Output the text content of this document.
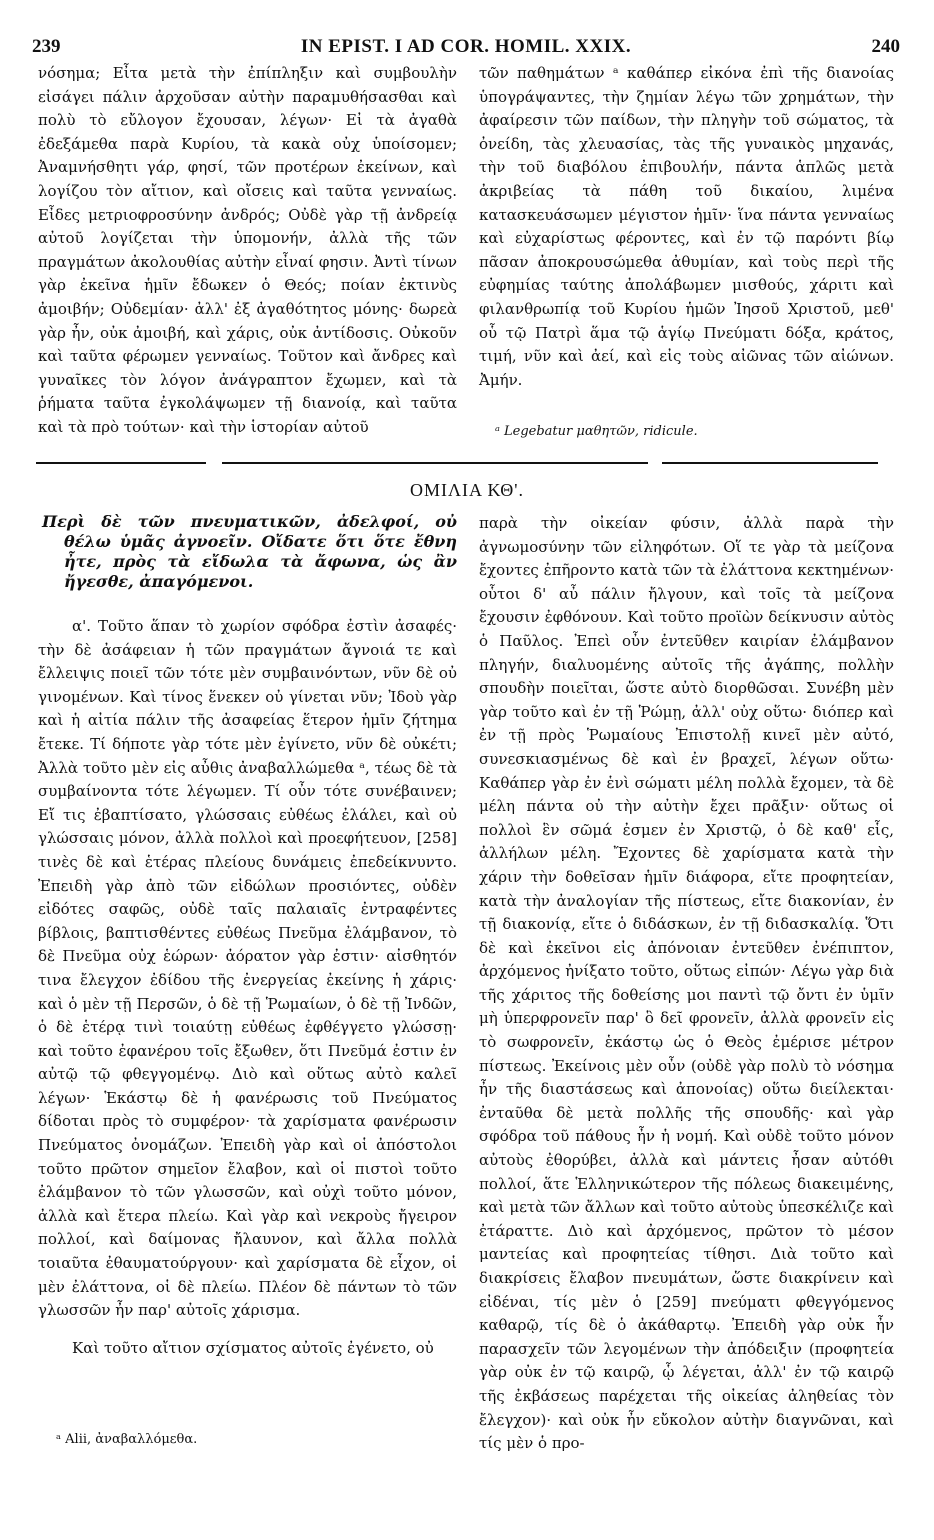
239	IN EPIST. I AD COR. HOMIL. XXIX.	240

νόσημα; Εἶτα μετὰ τὴν ἐπίπληξιν καὶ συμβουλὴν εἰσάγει πάλιν ἀρχοῦσαν αὐτὴν παραμυθήσασθαι καὶ πολὺ τὸ εὔλογον ἔχουσαν, λέγων· Εἰ τὰ ἀγαθὰ ἐδεξάμεθα παρὰ Κυρίου, τὰ κακὰ οὐχ ὑποίσομεν; Ἀναμνήσθητι γάρ, φησί, τῶν προτέρων ἐκείνων, καὶ λογίζου τὸν αἴτιον, καὶ οἴσεις καὶ ταῦτα γενναίως. Εἶδες μετριοφροσύνην ἀνδρός; Οὐδὲ γὰρ τῇ ἀνδρείᾳ αὐτοῦ λογίζεται τὴν ὑπομονήν, ἀλλὰ τῆς τῶν πραγμάτων ἀκολουθίας αὐτὴν εἶναί φησιν. Ἀντὶ τίνων γὰρ ἐκεῖνα ἡμῖν ἔδωκεν ὁ Θεός; ποίαν ἐκτινὺς ἀμοιβήν; Οὐδεμίαν· ἀλλ' ἐξ ἀγαθότητος μόνης· δωρεὰ γὰρ ἦν, οὐκ ἀμοιβή, καὶ χάρις, οὐκ ἀντίδοσις. Οὐκοῦν καὶ ταῦτα φέρωμεν γενναίως. Τοῦτον καὶ ἄνδρες καὶ γυναῖκες τὸν λόγον ἀνάγραπτον ἔχωμεν, καὶ τὰ ῥήματα ταῦτα ἐγκολάψωμεν τῇ διανοίᾳ, καὶ ταῦτα καὶ τὰ πρὸ τούτων· καὶ τὴν ἱστορίαν αὐτοῦ

τῶν παθημάτων ᵃ καθάπερ εἰκόνα ἐπὶ τῆς διανοίας ὑπογράψαντες, τὴν ζημίαν λέγω τῶν χρημάτων, τὴν ἀφαίρεσιν τῶν παίδων, τὴν πληγὴν τοῦ σώματος, τὰ ὀνείδη, τὰς χλευασίας, τὰς τῆς γυναικὸς μηχανάς, τὴν τοῦ διαβόλου ἐπιβουλήν, πάντα ἁπλῶς μετὰ ἀκριβείας τὰ πάθη τοῦ δικαίου, λιμένα κατασκευάσωμεν μέγιστον ἡμῖν· ἵνα πάντα γενναίως καὶ εὐχαρίστως φέροντες, καὶ ἐν τῷ παρόντι βίῳ πᾶσαν ἀποκρουσώμεθα ἀθυμίαν, καὶ τοὺς περὶ τῆς εὐφημίας ταύτης ἀπολάβωμεν μισθούς, χάριτι καὶ φιλανθρωπίᾳ τοῦ Κυρίου ἡμῶν Ἰησοῦ Χριστοῦ, μεθ' οὗ τῷ Πατρὶ ἅμα τῷ ἁγίῳ Πνεύματι δόξα, κράτος, τιμή, νῦν καὶ ἀεί, καὶ εἰς τοὺς αἰῶνας τῶν αἰώνων. Ἀμήν.

ᵃ Legebatur μαθητῶν, ridicule.
ΟΜΙΛΙΑ ΚΘ'.

Περὶ δὲ τῶν πνευματικῶν, ἀδελφοί, οὐ θέλω ὑμᾶς ἀγνοεῖν. Οἴδατε ὅτι ὅτε ἔθνη ἦτε, πρὸς τὰ εἴδωλα τὰ ἄφωνα, ὡς ἂν ἤγεσθε, ἀπαγόμενοι.

α'. Τοῦτο ἅπαν τὸ χωρίον σφόδρα ἐστὶν ἀσαφές· τὴν δὲ ἀσάφειαν ἡ τῶν πραγμάτων ἄγνοιά τε καὶ ἔλλειψις ποιεῖ τῶν τότε μὲν συμβαινόντων, νῦν δὲ οὐ γινομένων. Καὶ τίνος ἕνεκεν οὐ γίνεται νῦν; Ἰδοὺ γὰρ καὶ ἡ αἰτία πάλιν τῆς ἀσαφείας ἕτερον ἡμῖν ζήτημα ἔτεκε. Τί δήποτε γὰρ τότε μὲν ἐγίνετο, νῦν δὲ οὐκέτι; Ἀλλὰ τοῦτο μὲν εἰς αὖθις ἀναβαλλώμεθα ᵃ, τέως δὲ τὰ συμβαίνοντα τότε λέγωμεν. Τί οὖν τότε συνέβαινεν; Εἴ τις ἐβαπτίσατο, γλώσσαις εὐθέως ἐλάλει, καὶ οὐ γλώσσαις μόνον, ἀλλὰ πολλοὶ καὶ προεφήτευον, [258] τινὲς δὲ καὶ ἑτέρας πλείους δυνάμεις ἐπεδείκνυντο. Ἐπειδὴ γὰρ ἀπὸ τῶν εἰδώλων προσιόντες, οὐδὲν εἰδότες σαφῶς, οὐδὲ ταῖς παλαιαῖς ἐντραφέντες βίβλοις, βαπτισθέντες εὐθέως Πνεῦμα ἐλάμβανον, τὸ δὲ Πνεῦμα οὐχ ἑώρων· ἀόρατον γὰρ ἐστιν· αἰσθητόν τινα ἔλεγχον ἐδίδου τῆς ἐνεργείας ἐκείνης ἡ χάρις· καὶ ὁ μὲν τῇ Περσῶν, ὁ δὲ τῇ Ῥωμαίων, ὁ δὲ τῇ Ἰνδῶν, ὁ δὲ ἑτέρᾳ τινὶ τοιαύτῃ εὐθέως ἐφθέγγετο γλώσσῃ· καὶ τοῦτο ἐφανέρου τοῖς ἔξωθεν, ὅτι Πνεῦμά ἐστιν ἐν αὐτῷ τῷ φθεγγομένῳ. Διὸ καὶ οὕτως αὐτὸ καλεῖ λέγων· Ἑκάστῳ δὲ ἡ φανέρωσις τοῦ Πνεύματος δίδοται πρὸς τὸ συμφέρον· τὰ χαρίσματα φανέρωσιν Πνεύματος ὀνομάζων. Ἐπειδὴ γὰρ καὶ οἱ ἀπόστολοι τοῦτο πρῶτον σημεῖον ἔλαβον, καὶ οἱ πιστοὶ τοῦτο ἐλάμβανον τὸ τῶν γλωσσῶν, καὶ οὐχὶ τοῦτο μόνον, ἀλλὰ καὶ ἕτερα πλείω. Καὶ γὰρ καὶ νεκροὺς ἤγειρον πολλοί, καὶ δαίμονας ἤλαυνον, καὶ ἄλλα πολλὰ τοιαῦτα ἐθαυματούργουν· καὶ χαρίσματα δὲ εἶχον, οἱ μὲν ἐλάττονα, οἱ δὲ πλείω. Πλέον δὲ πάντων τὸ τῶν γλωσσῶν ἦν παρ' αὐτοῖς χάρισμα.

Καὶ τοῦτο αἴτιον σχίσματος αὐτοῖς ἐγένετο, οὐ

ᵃ Alii, ἀναβαλλόμεθα.

παρὰ τὴν οἰκείαν φύσιν, ἀλλὰ παρὰ τὴν ἀγνωμοσύνην τῶν εἰληφότων. Οἵ τε γὰρ τὰ μείζονα ἔχοντες ἐπῆροντο κατὰ τῶν τὰ ἐλάττονα κεκτημένων· οὗτοι δ' αὖ πάλιν ἤλγουν, καὶ τοῖς τὰ μείζονα ἔχουσιν ἐφθόνουν. Καὶ τοῦτο προϊὼν δείκνυσιν αὐτὸς ὁ Παῦλος. Ἐπεὶ οὖν ἐντεῦθεν καιρίαν ἐλάμβανον πληγήν, διαλυομένης αὐτοῖς τῆς ἀγάπης, πολλὴν σπουδὴν ποιεῖται, ὥστε αὐτὸ διορθῶσαι. Συνέβη μὲν γὰρ τοῦτο καὶ ἐν τῇ Ῥώμῃ, ἀλλ' οὐχ οὕτω· διόπερ καὶ ἐν τῇ πρὸς Ῥωμαίους Ἐπιστολῇ κινεῖ μὲν αὐτό, συνεσκιασμένως δὲ καὶ ἐν βραχεῖ, λέγων οὕτω· Καθάπερ γὰρ ἐν ἑνὶ σώματι μέλη πολλὰ ἔχομεν, τὰ δὲ μέλη πάντα οὐ τὴν αὐτὴν ἔχει πρᾶξιν· οὕτως οἱ πολλοὶ ἓν σῶμά ἐσμεν ἐν Χριστῷ, ὁ δὲ καθ' εἷς, ἀλλήλων μέλη. Ἔχοντες δὲ χαρίσματα κατὰ τὴν χάριν τὴν δοθεῖσαν ἡμῖν διάφορα, εἴτε προφητείαν, κατὰ τὴν ἀναλογίαν τῆς πίστεως, εἴτε διακονίαν, ἐν τῇ διακονίᾳ, εἴτε ὁ διδάσκων, ἐν τῇ διδασκαλίᾳ. Ὅτι δὲ καὶ ἐκεῖνοι εἰς ἀπόνοιαν ἐντεῦθεν ἐνέπιπτον, ἀρχόμενος ἠνίξατο τοῦτο, οὕτως εἰπών· Λέγω γὰρ διὰ τῆς χάριτος τῆς δοθείσης μοι παντὶ τῷ ὄντι ἐν ὑμῖν μὴ ὑπερφρονεῖν παρ' ὃ δεῖ φρονεῖν, ἀλλὰ φρονεῖν εἰς τὸ σωφρονεῖν, ἑκάστῳ ὡς ὁ Θεὸς ἐμέρισε μέτρον πίστεως. Ἐκείνοις μὲν οὖν (οὐδὲ γὰρ πολὺ τὸ νόσημα ἦν τῆς διαστάσεως καὶ ἀπονοίας) οὕτω διείλεκται· ἐνταῦθα δὲ μετὰ πολλῆς τῆς σπουδῆς· καὶ γὰρ σφόδρα τοῦ πάθους ἦν ἡ νομή. Καὶ οὐδὲ τοῦτο μόνον αὐτοὺς ἐθορύβει, ἀλλὰ καὶ μάντεις ἦσαν αὐτόθι πολλοί, ἅτε Ἑλληνικώτερον τῆς πόλεως διακειμένης, καὶ μετὰ τῶν ἄλλων καὶ τοῦτο αὐτοὺς ὑπεσκέλιζε καὶ ἐτάραττε. Διὸ καὶ ἀρχόμενος, πρῶτον τὸ μέσον μαντείας καὶ προφητείας τίθησι. Διὰ τοῦτο καὶ διακρίσεις ἔλαβον πνευμάτων, ὥστε διακρίνειν καὶ εἰδέναι, τίς μὲν ὁ [259] πνεύματι φθεγγόμενος καθαρῷ, τίς δὲ ὁ ἀκάθαρτῳ. Ἐπειδὴ γὰρ οὐκ ἦν παρασχεῖν τῶν λεγομένων τὴν ἀπόδειξιν (προφητεία γὰρ οὐκ ἐν τῷ καιρῷ, ᾧ λέγεται, ἀλλ' ἐν τῷ καιρῷ τῆς ἐκβάσεως παρέχεται τῆς οἰκείας ἀληθείας τὸν ἔλεγχον)· καὶ οὐκ ἦν εὔκολον αὐτὴν διαγνῶναι, καὶ τίς μὲν ὁ προ-
